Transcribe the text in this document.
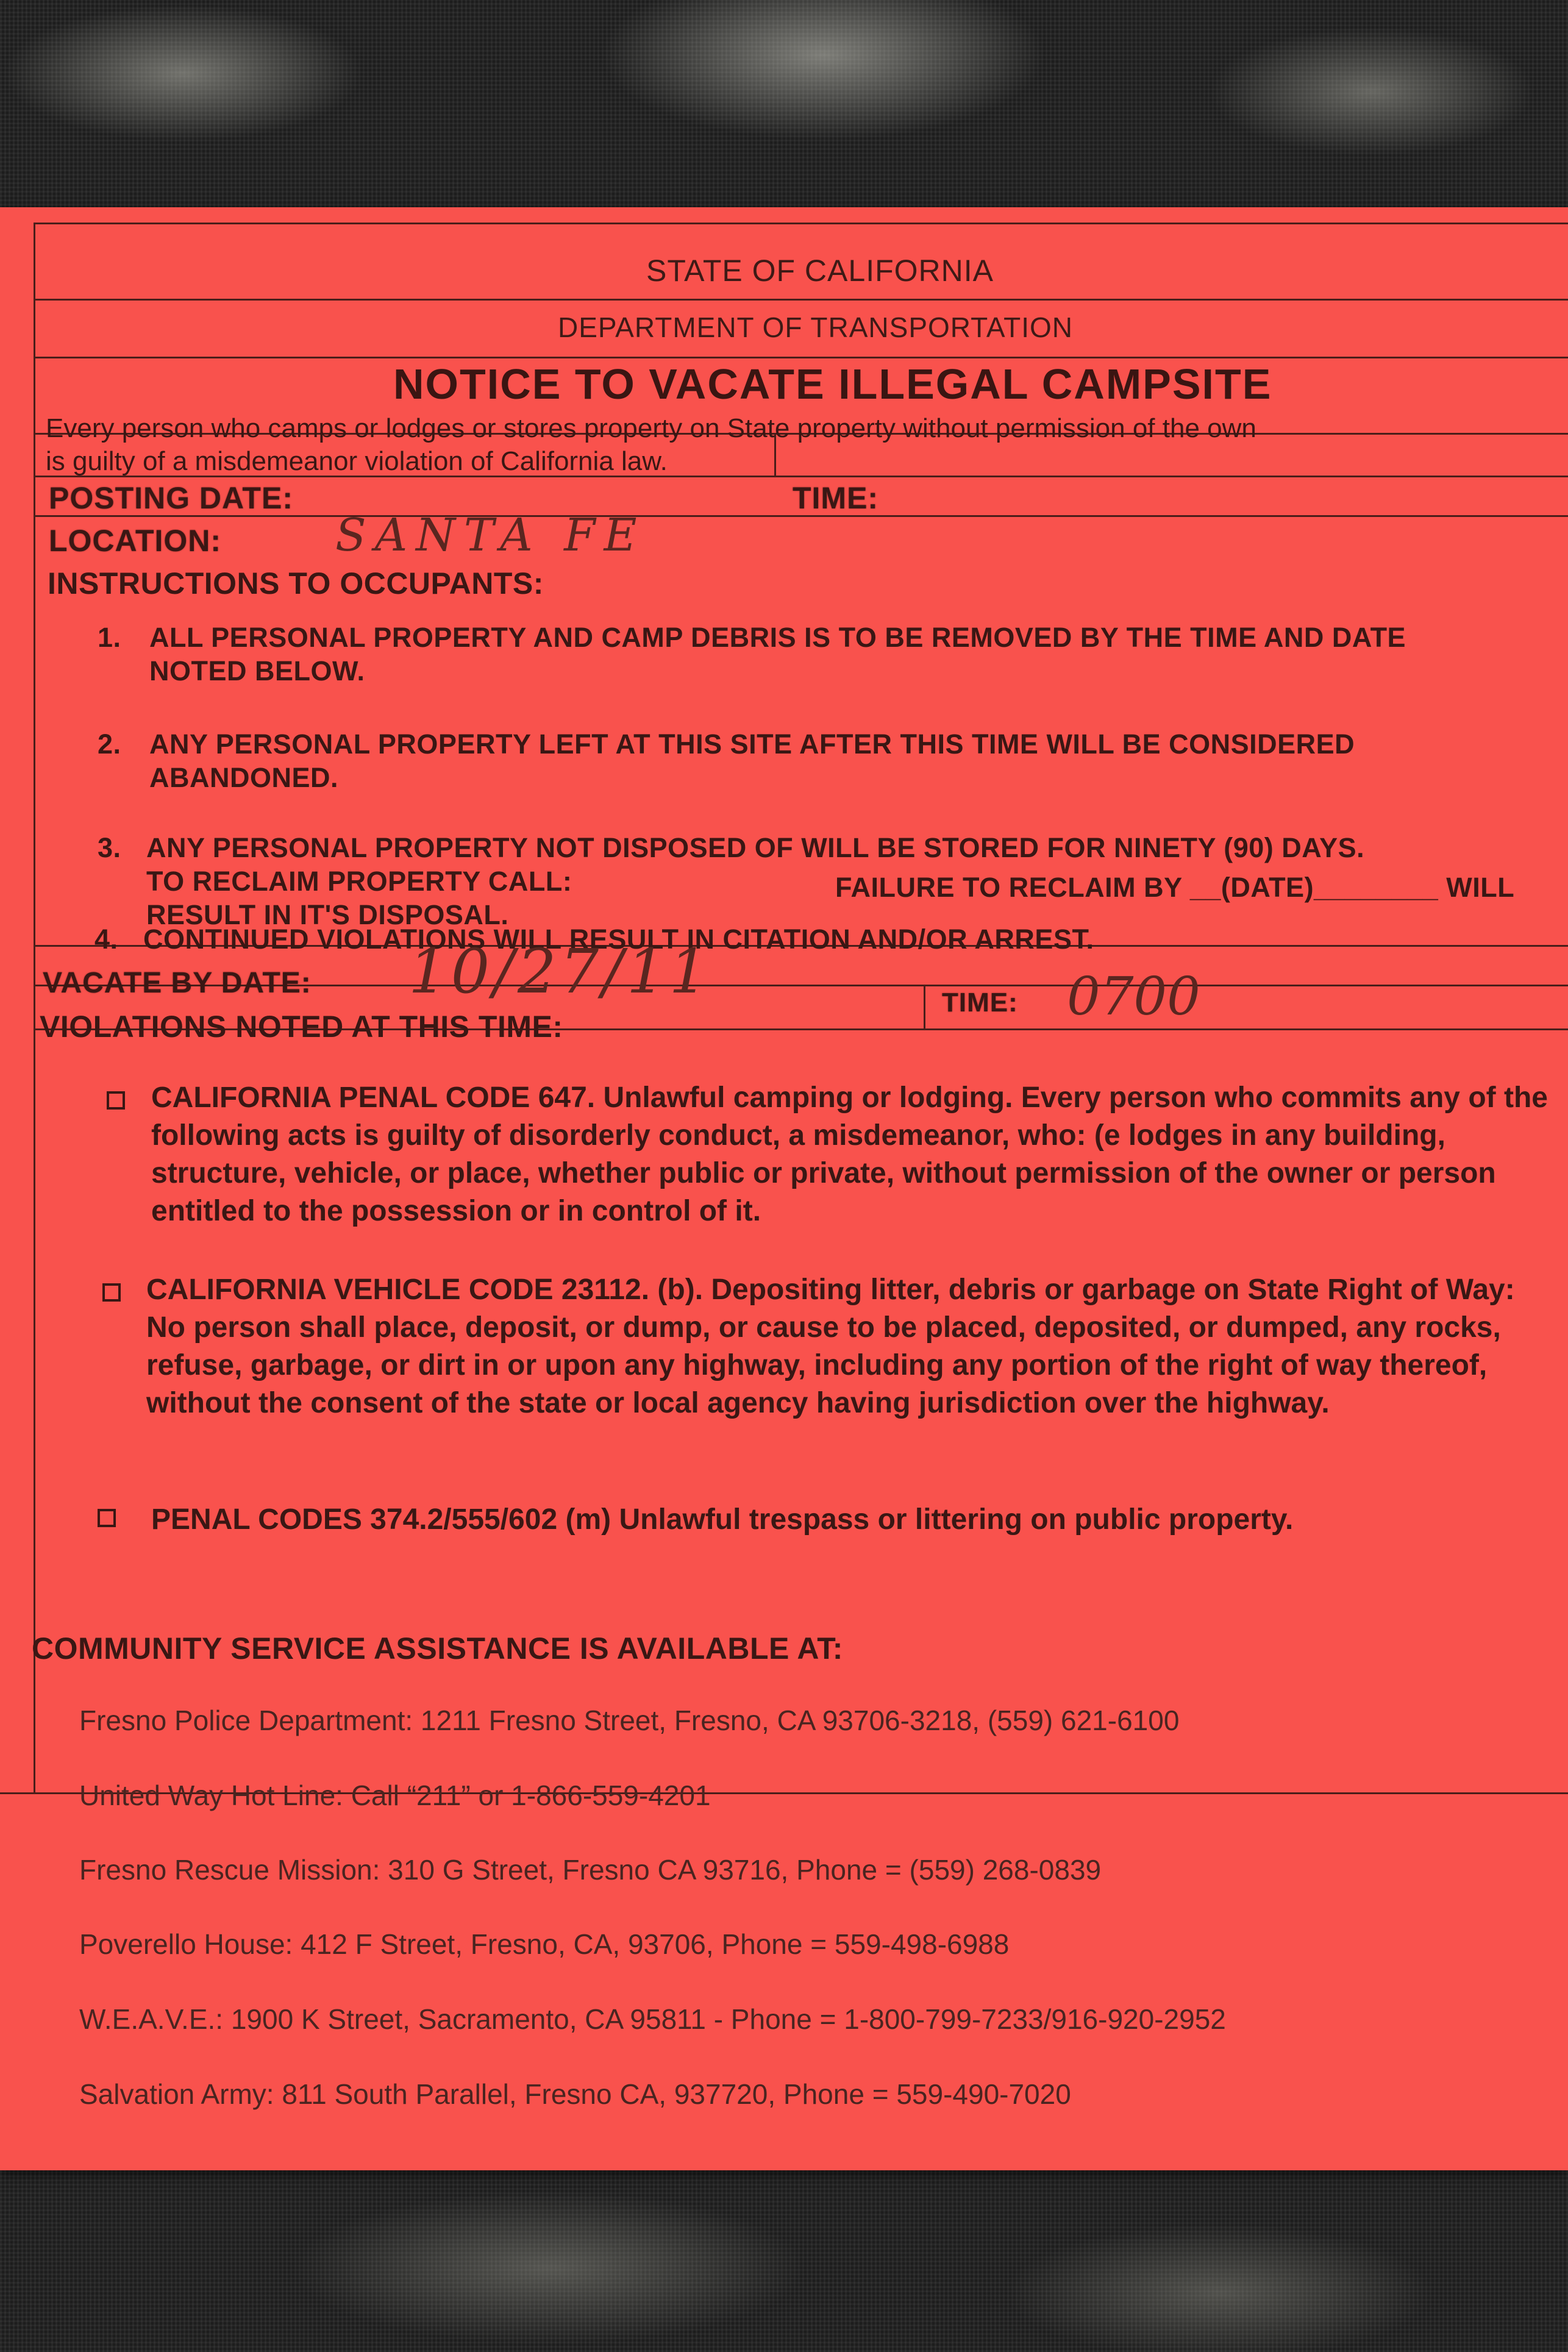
STATE OF CALIFORNIA
DEPARTMENT OF TRANSPORTATION
NOTICE TO VACATE ILLEGAL CAMPSITE
Every person who camps or lodges or stores property on State property without permission of the own
is guilty of a misdemeanor violation of California law.
POSTING DATE:	TIME:
LOCATION:	SANTA FE
INSTRUCTIONS TO OCCUPANTS:
1. ALL PERSONAL PROPERTY AND CAMP DEBRIS IS TO BE REMOVED BY THE TIME AND DATE
NOTED BELOW.
2. ANY PERSONAL PROPERTY LEFT AT THIS SITE AFTER THIS TIME WILL BE CONSIDERED
ABANDONED.
3. ANY PERSONAL PROPERTY NOT DISPOSED OF WILL BE STORED FOR NINETY (90) DAYS.
TO RECLAIM PROPERTY CALL:	FAILURE TO RECLAIM BY __(DATE)________ WILL
RESULT IN IT'S DISPOSAL.
4. CONTINUED VIOLATIONS WILL RESULT IN CITATION AND/OR ARREST.
VACATE BY DATE: 10/27/11	TIME: 0700
VIOLATIONS NOTED AT THIS TIME:
CALIFORNIA PENAL CODE 647. Unlawful camping or lodging. Every person who commits any of the following acts is guilty of disorderly conduct, a misdemeanor, who: (e lodges in any building, structure, vehicle, or place, whether public or private, without permission of the owner or person entitled to the possession or in control of it.
CALIFORNIA VEHICLE CODE 23112. (b). Depositing litter, debris or garbage on State Right of Way: No person shall place, deposit, or dump, or cause to be placed, deposited, or dumped, any rocks, refuse, garbage, or dirt in or upon any highway, including any portion of the right of way thereof, without the consent of the state or local agency having jurisdiction over the highway.
PENAL CODES 374.2/555/602 (m) Unlawful trespass or littering on public property.
COMMUNITY SERVICE ASSISTANCE IS AVAILABLE AT:
Fresno Police Department: 1211 Fresno Street, Fresno, CA 93706-3218, (559) 621-6100
United Way Hot Line: Call “211” or 1-866-559-4201
Fresno Rescue Mission: 310 G Street, Fresno CA 93716, Phone = (559) 268-0839
Poverello House: 412 F Street, Fresno, CA, 93706, Phone = 559-498-6988
W.E.A.V.E.: 1900 K Street, Sacramento, CA 95811 - Phone = 1-800-799-7233/916-920-2952
Salvation Army: 811 South Parallel, Fresno CA, 937720, Phone = 559-490-7020
